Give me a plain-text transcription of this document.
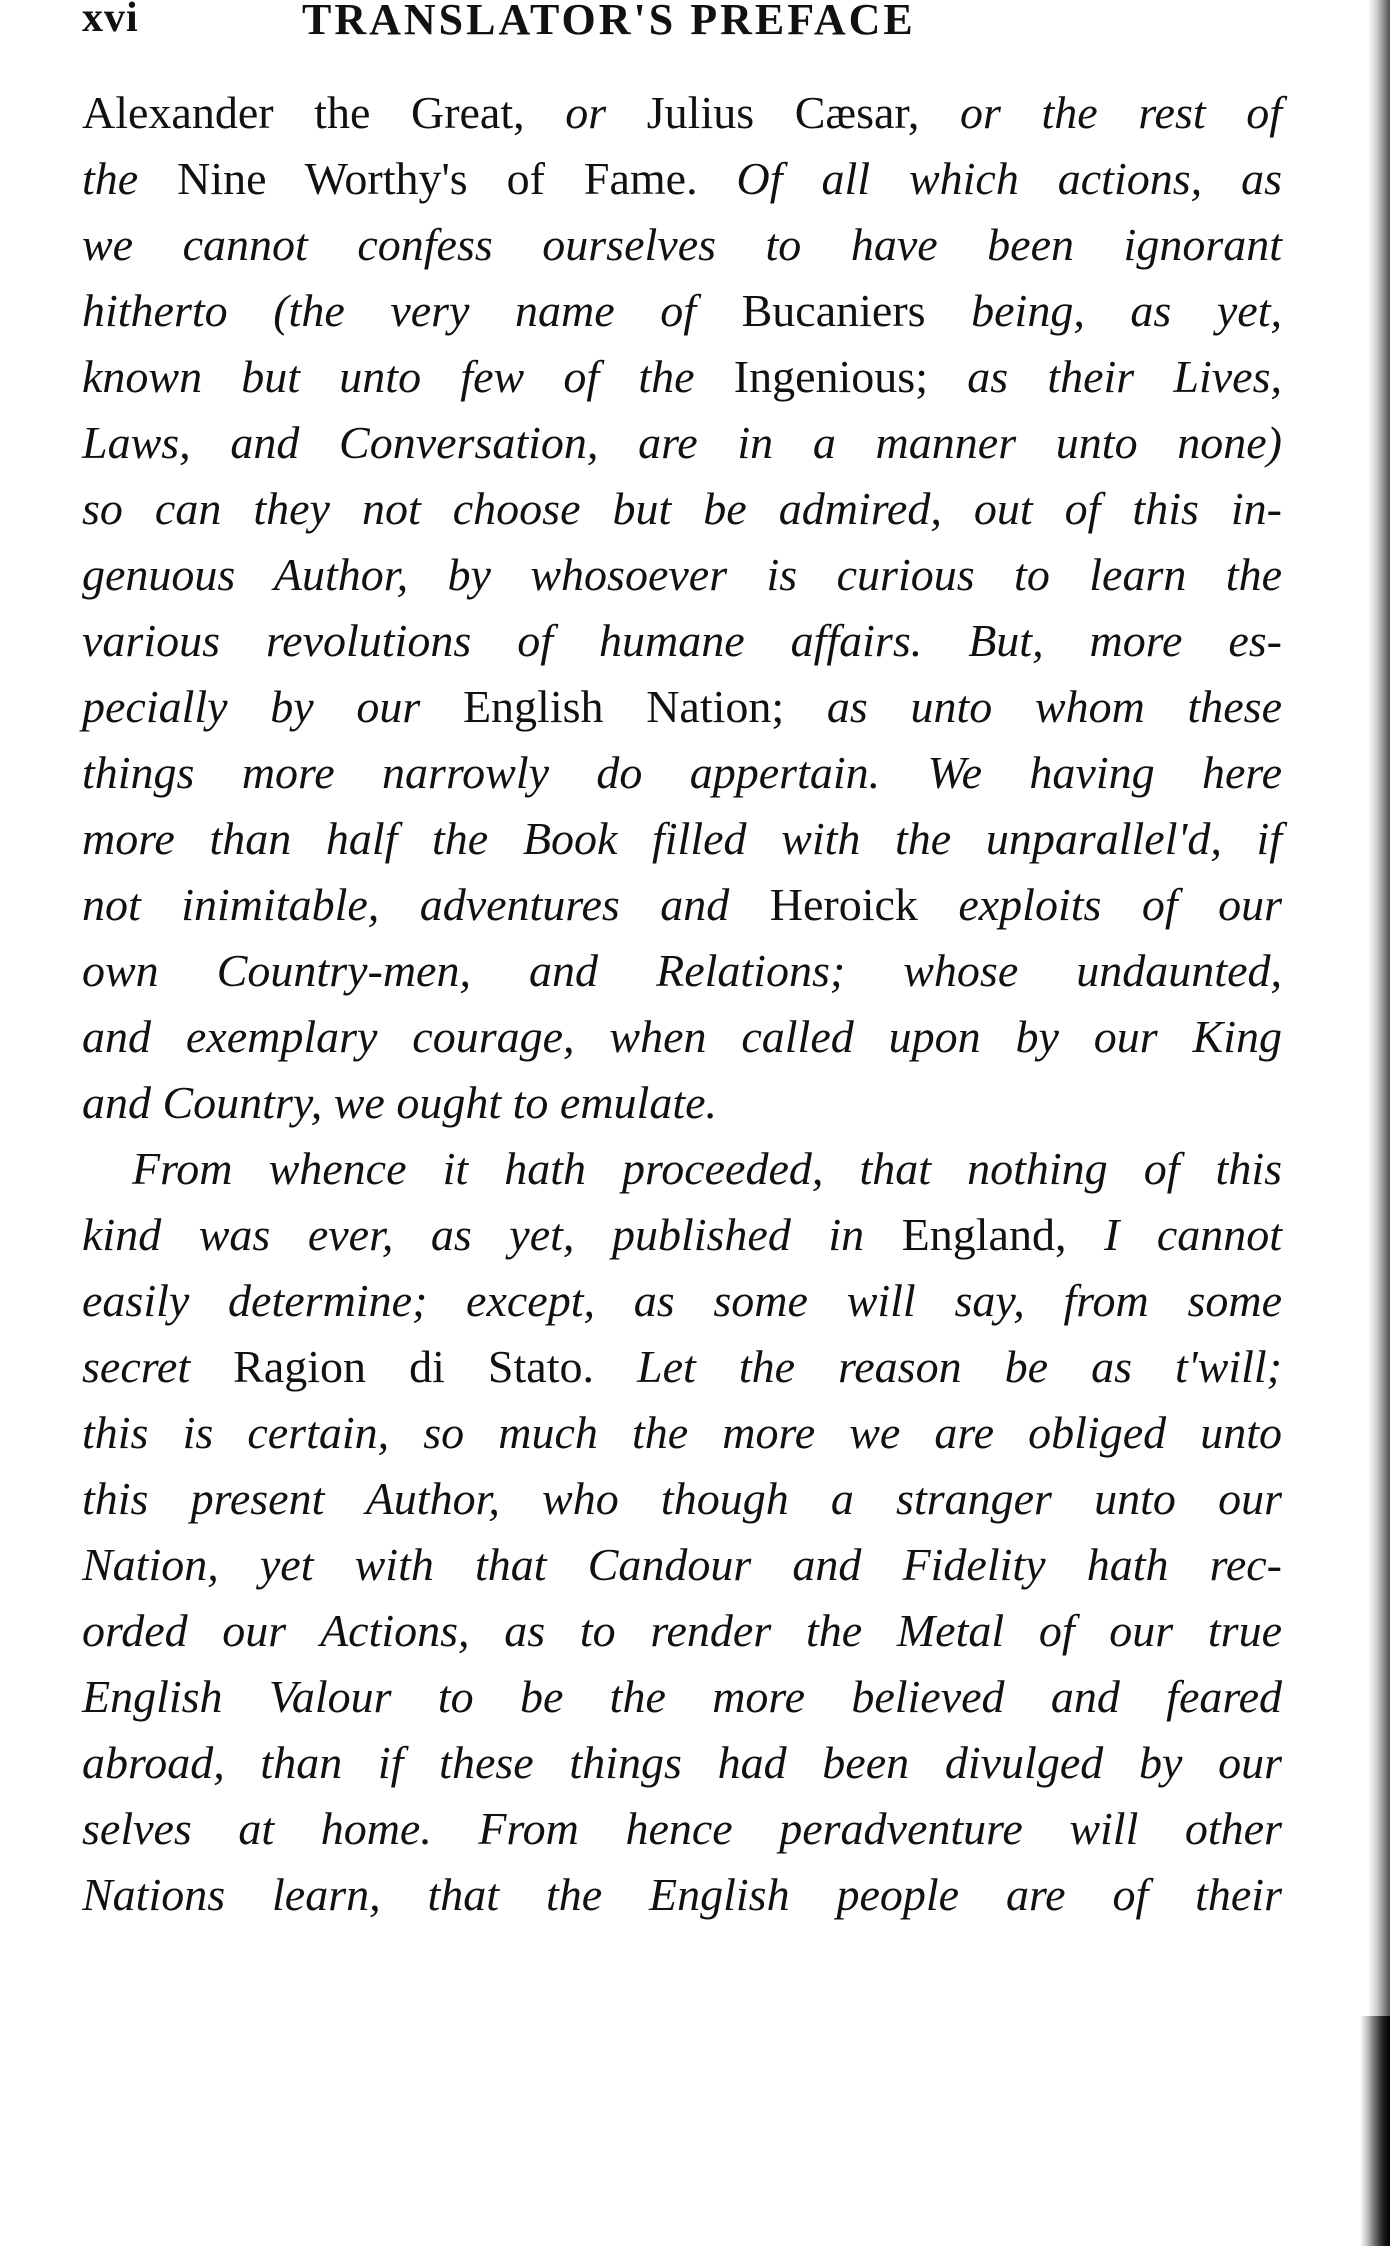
xvi	TRANSLATOR'S PREFACE
Alexander the Great, or Julius Cæsar, or the rest of
the Nine Worthy's of Fame. Of all which actions, as
we cannot confess ourselves to have been ignorant
hitherto (the very name of Bucaniers being, as yet,
known but unto few of the Ingenious; as their Lives,
Laws, and Conversation, are in a manner unto none)
so can they not choose but be admired, out of this in-
genuous Author, by whosoever is curious to learn the
various revolutions of humane affairs. But, more es-
pecially by our English Nation; as unto whom these
things more narrowly do appertain. We having here
more than half the Book filled with the unparallel'd, if
not inimitable, adventures and Heroick exploits of our
own Country-men, and Relations; whose undaunted,
and exemplary courage, when called upon by our King
and Country, we ought to emulate.
From whence it hath proceeded, that nothing of this
kind was ever, as yet, published in England, I cannot
easily determine; except, as some will say, from some
secret Ragion di Stato. Let the reason be as t'will;
this is certain, so much the more we are obliged unto
this present Author, who though a stranger unto our
Nation, yet with that Candour and Fidelity hath rec-
orded our Actions, as to render the Metal of our true
English Valour to be the more believed and feared
abroad, than if these things had been divulged by our
selves at home. From hence peradventure will other
Nations learn, that the English people are of their
